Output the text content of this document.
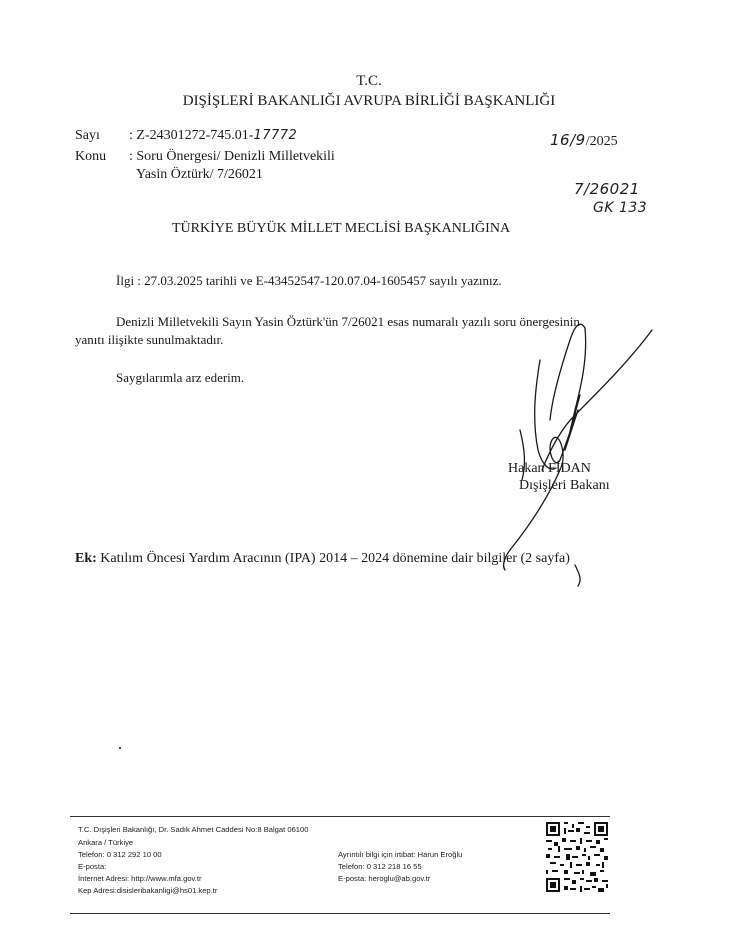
T.C.
DIŞİŞLERİ BAKANLIĞI AVRUPA BİRLİĞİ BAŞKANLIĞI
Sayı : Z-24301272-745.01-17772	16/9/2025
Konu : Soru Önergesi/ Denizli Milletvekili
Yasin Öztürk/ 7/26021
7/26021
GK 133
TÜRKİYE BÜYÜK MİLLET MECLİSİ BAŞKANLIĞINA
İlgi : 27.03.2025 tarihli ve E-43452547-120.07.04-1605457 sayılı yazınız.
Denizli Milletvekili Sayın Yasin Öztürk'ün 7/26021 esas numaralı yazılı soru önergesinin
yanıtı ilişikte sunulmaktadır.
Saygılarımla arz ederim.
Hakan FİDAN
Dışişleri Bakanı
Ek: Katılım Öncesi Yardım Aracının (IPA) 2014 – 2024 dönemine dair bilgiler (2 sayfa)
T.C. Dışişleri Bakanlığı, Dr. Sadık Ahmet Caddesi No:8 Balgat 06100
Ankara / Türkiye
Telefon: 0 312 292 10 00
E-posta:
İnternet Adresi: http://www.mfa.gov.tr
Kep Adresi:disisleribakanligi@hs01.kep.tr
Ayrıntılı bilgi için irtibat: Harun Eroğlu
Telefon: 0 312 218 16 55
E-posta: heroglu@ab.gov.tr
